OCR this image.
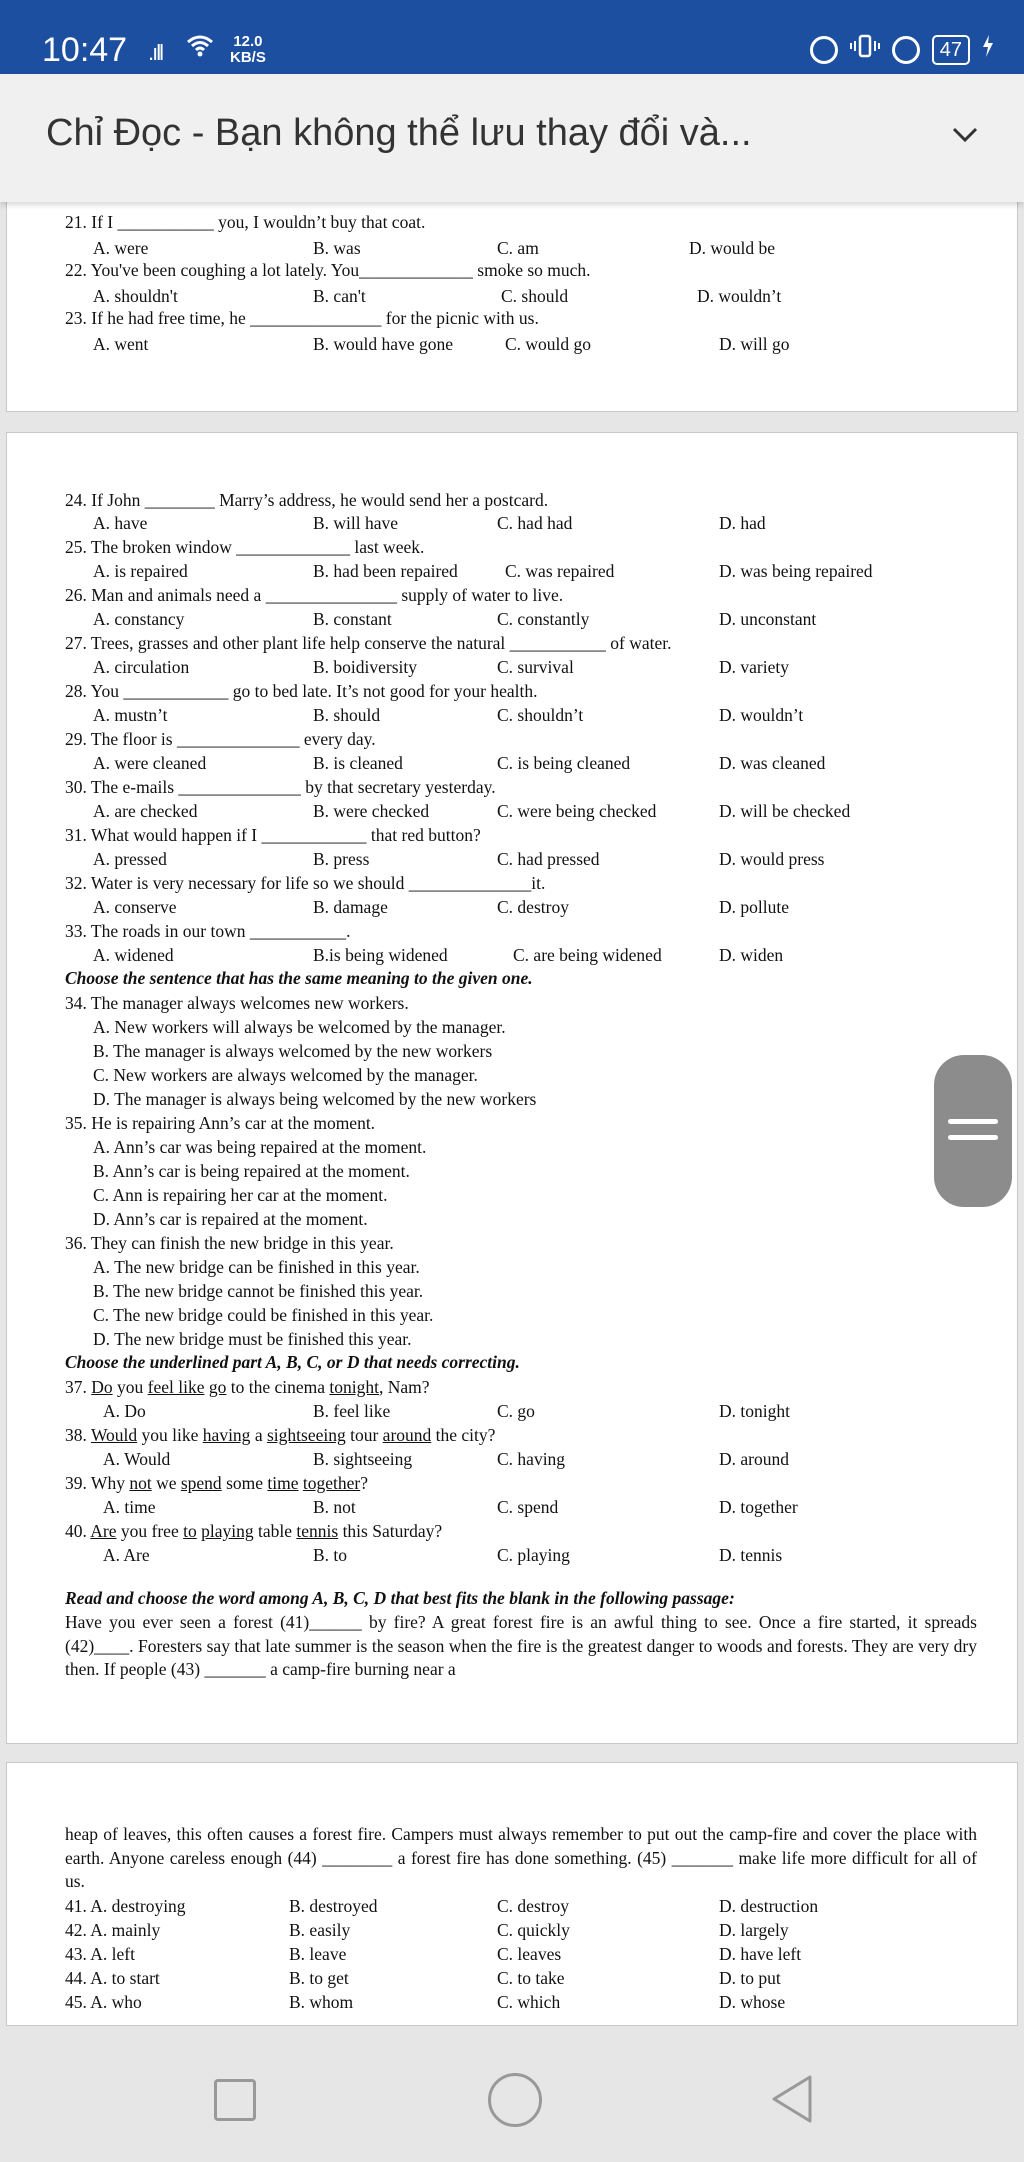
10:47 .ıll	12.0
KB/S	47
Chỉ Đọc - Bạn không thể lưu thay đổi và...
21. If I ___________ you, I wouldn’t buy that coat.
A. were	B. was	C. am	D. would be
22. You've been coughing a lot lately. You_____________ smoke so much.
A. shouldn't	B. can't	C. should	D. wouldn’t
23. If he had free time, he _______________ for the picnic with us.
A. went	B. would have gone	C. would go	D. will go
24. If John ________ Marry’s address, he would send her a postcard.
A. have	B. will have	C. had had	D. had
25. The broken window _____________ last week.
A. is repaired	B. had been repaired	C. was repaired	D. was being repaired
26. Man and animals need a _______________ supply of water to live.
A. constancy	B. constant	C. constantly	D. unconstant
27. Trees, grasses and other plant life help conserve the natural ___________ of water.
A. circulation	B. boidiversity	C. survival	D. variety
28. You ____________ go to bed late. It’s not good for your health.
A. mustn’t	B. should	C. shouldn’t	D. wouldn’t
29. The floor is ______________ every day.
A. were cleaned	B. is cleaned	C. is being cleaned	D. was cleaned
30. The e-mails ______________ by that secretary yesterday.
A. are checked	B. were checked	C. were being checked	D. will be checked
31. What would happen if I ____________ that red button?
A. pressed	B. press	C. had pressed	D. would press
32. Water is very necessary for life so we should ______________it.
A. conserve	B. damage	C. destroy	D. pollute
33. The roads in our town ___________.
A. widened	B.is being widened	C. are being widened	D. widen
Choose the sentence that has the same meaning to the given one.
34. The manager always welcomes new workers.
A. New workers will always be welcomed by the manager.
B. The manager is always welcomed by the new workers
C. New workers are always welcomed by the manager.
D. The manager is always being welcomed by the new workers
35. He is repairing Ann’s car at the moment.
A. Ann’s car was being repaired at the moment.
B. Ann’s car is being repaired at the moment.
C. Ann is repairing her car at the moment.
D. Ann’s car is repaired at the moment.
36. They can finish the new bridge in this year.
A. The new bridge can be finished in this year.
B. The new bridge cannot be finished this year.
C. The new bridge could be finished in this year.
D. The new bridge must be finished this year.
Choose the underlined part A, B, C, or D that needs correcting.
37. Do you feel like go to the cinema tonight, Nam?
A. Do	B. feel like	C. go	D. tonight
38. Would you like having a sightseeing tour around the city?
A. Would	B. sightseeing	C. having	D. around
39. Why not we spend some time together?
A. time	B. not	C. spend	D. together
40. Are you free to playing table tennis this Saturday?
A. Are	B. to	C. playing	D. tennis
Read and choose the word among A, B, C, D that best fits the blank in the following passage:
Have you ever seen a forest (41)______ by fire? A great forest fire is an awful thing to see. Once a fire started, it spreads (42)____. Foresters say that late summer is the season when the fire is the greatest danger to woods and forests. They are very dry then. If people (43) _______ a camp-fire burning near a
heap of leaves, this often causes a forest fire. Campers must always remember to put out the camp-fire and cover the place with earth. Anyone careless enough (44) ________ a forest fire has done something. (45) _______ make life more difficult for all of us.
41. A. destroying	B. destroyed	C. destroy	D. destruction
42. A. mainly	B. easily	C. quickly	D. largely
43. A. left	B. leave	C. leaves	D. have left
44. A. to start	B. to get	C. to take	D. to put
45. A. who	B. whom	C. which	D. whose
